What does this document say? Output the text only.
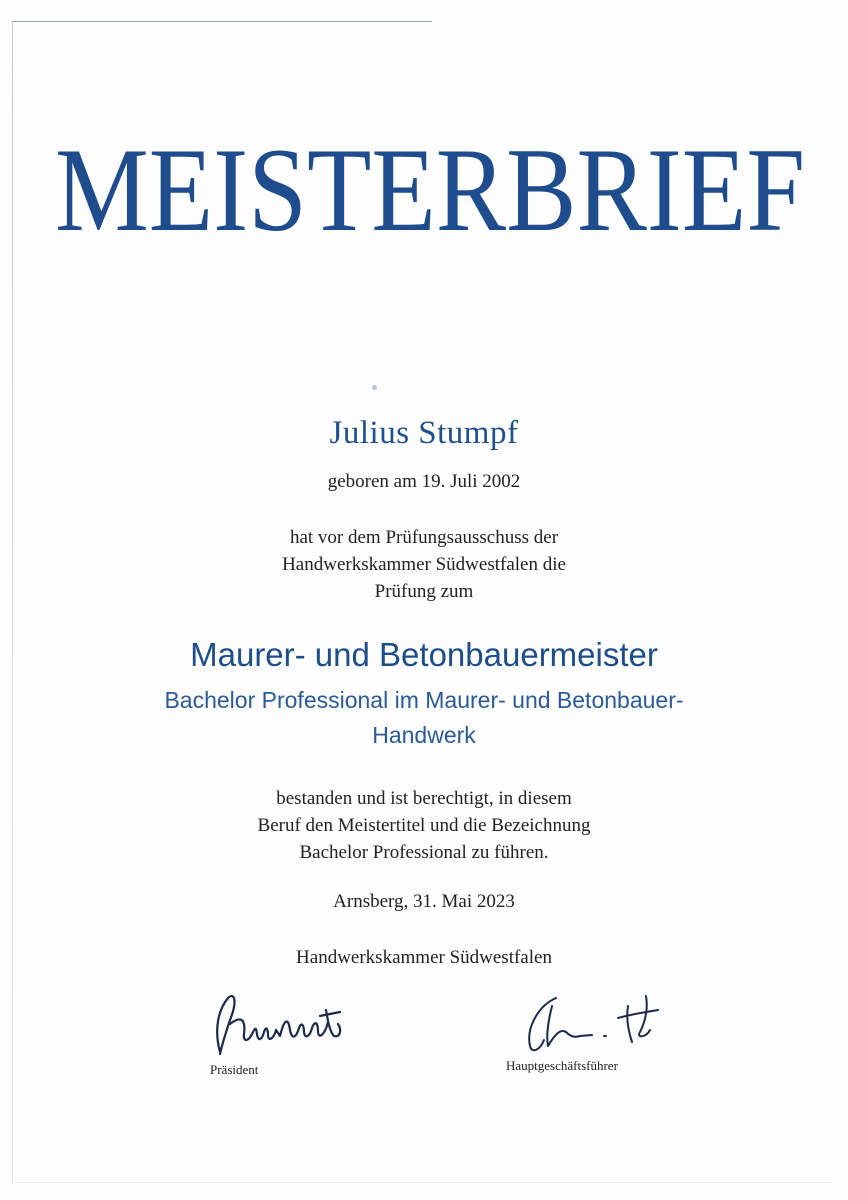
MEISTERBRIEF
Julius Stumpf
geboren am 19. Juli 2002
hat vor dem Prüfungsausschuss der
Handwerkskammer Südwestfalen die
Prüfung zum
Maurer- und Betonbauermeister
Bachelor Professional im Maurer- und Betonbauer-
Handwerk
bestanden und ist berechtigt, in diesem
Beruf den Meistertitel und die Bezeichnung
Bachelor Professional zu führen.
Arnsberg, 31. Mai 2023
Handwerkskammer Südwestfalen
Präsident	Hauptgeschäftsführer
